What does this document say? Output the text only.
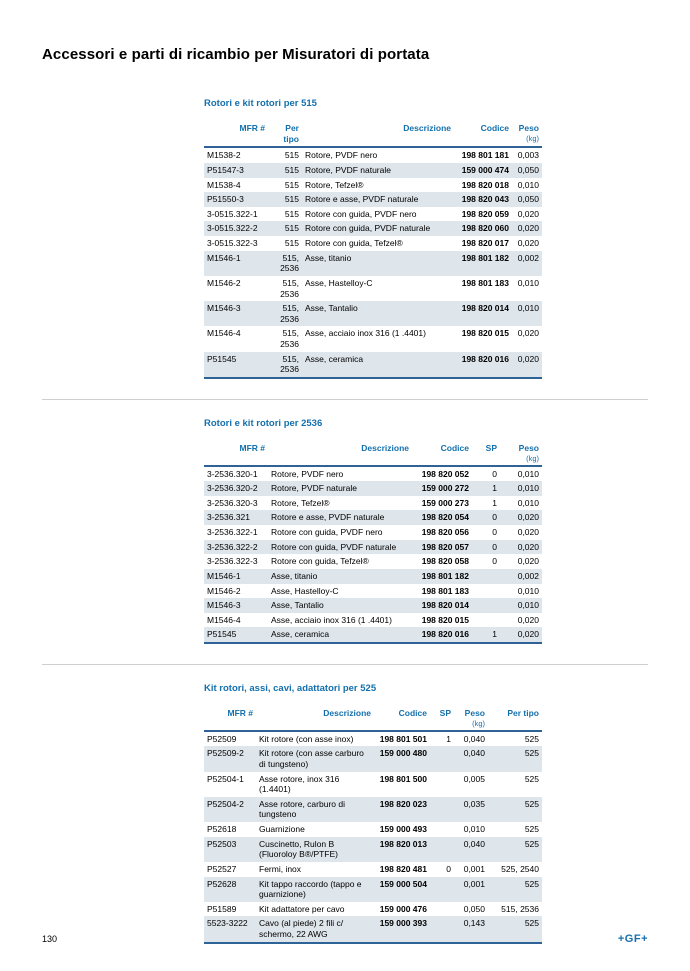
Accessori e parti di ricambio per Misuratori di portata
Rotori e kit rotori per 515
MFR #	Per tipo	Descrizione	Codice	Peso
(kg)

M1538-2	515	Rotore, PVDF nero	198 801 181	0,003
P51547-3	515	Rotore, PVDF naturale	159 000 474	0,050
M1538-4	515	Rotore, Tefzel®	198 820 018	0,010
P51550-3	515	Rotore e asse, PVDF naturale	198 820 043	0,050
3-0515.322-1	515	Rotore con guida, PVDF nero	198 820 059	0,020
3-0515.322-2	515	Rotore con guida, PVDF naturale	198 820 060	0,020
3-0515.322-3	515	Rotore con guida, Tefzel®	198 820 017	0,020
M1546-1	515, 2536	Asse, titanio	198 801 182	0,002
M1546-2	515, 2536	Asse, Hastelloy-C	198 801 183	0,010
M1546-3	515, 2536	Asse, Tantalio	198 820 014	0,010
M1546-4	515, 2536	Asse, acciaio inox 316 (1 .4401)	198 820 015	0,020
P51545	515, 2536	Asse, ceramica	198 820 016	0,020
Rotori e kit rotori per 2536
MFR #	Descrizione	Codice	SP	Peso
(kg)

3-2536.320-1	Rotore, PVDF nero	198 820 052	0	0,010
3-2536.320-2	Rotore, PVDF naturale	159 000 272	1	0,010
3-2536.320-3	Rotore, Tefzel®	159 000 273	1	0,010
3-2536.321	Rotore e asse, PVDF naturale	198 820 054	0	0,020
3-2536.322-1	Rotore con guida, PVDF nero	198 820 056	0	0,020
3-2536.322-2	Rotore con guida, PVDF naturale	198 820 057	0	0,020
3-2536.322-3	Rotore con guida, Tefzel®	198 820 058	0	0,020
M1546-1	Asse, titanio	198 801 182		0,002
M1546-2	Asse, Hastelloy-C	198 801 183		0,010
M1546-3	Asse, Tantalio	198 820 014		0,010
M1546-4	Asse, acciaio inox 316 (1 .4401)	198 820 015		0,020
P51545	Asse, ceramica	198 820 016	1	0,020
Kit rotori, assi, cavi, adattatori per 525
MFR #	Descrizione	Codice	SP	Peso
(kg)	Per tipo

P52509	Kit rotore (con asse inox)	198 801 501	1	0,040	525
P52509-2	Kit rotore (con asse carburo di tungsteno)	159 000 480		0,040	525
P52504-1	Asse rotore, inox 316 (1.4401)	198 801 500		0,005	525
P52504-2	Asse rotore, carburo di tungsteno	198 820 023		0,035	525
P52618	Guarnizione	159 000 493		0,010	525
P52503	Cuscinetto, Rulon B (Fluoroloy B®/PTFE)	198 820 013		0,040	525
P52527	Fermi, inox	198 820 481	0	0,001	525, 2540
P52628	Kit tappo raccordo (tappo e guarnizione)	159 000 504		0,001	525
P51589	Kit adattatore per cavo	159 000 476		0,050	515, 2536
5523-3222	Cavo (al piede) 2 fili c/ schermo, 22 AWG	159 000 393		0,143	525
130	+GF+
